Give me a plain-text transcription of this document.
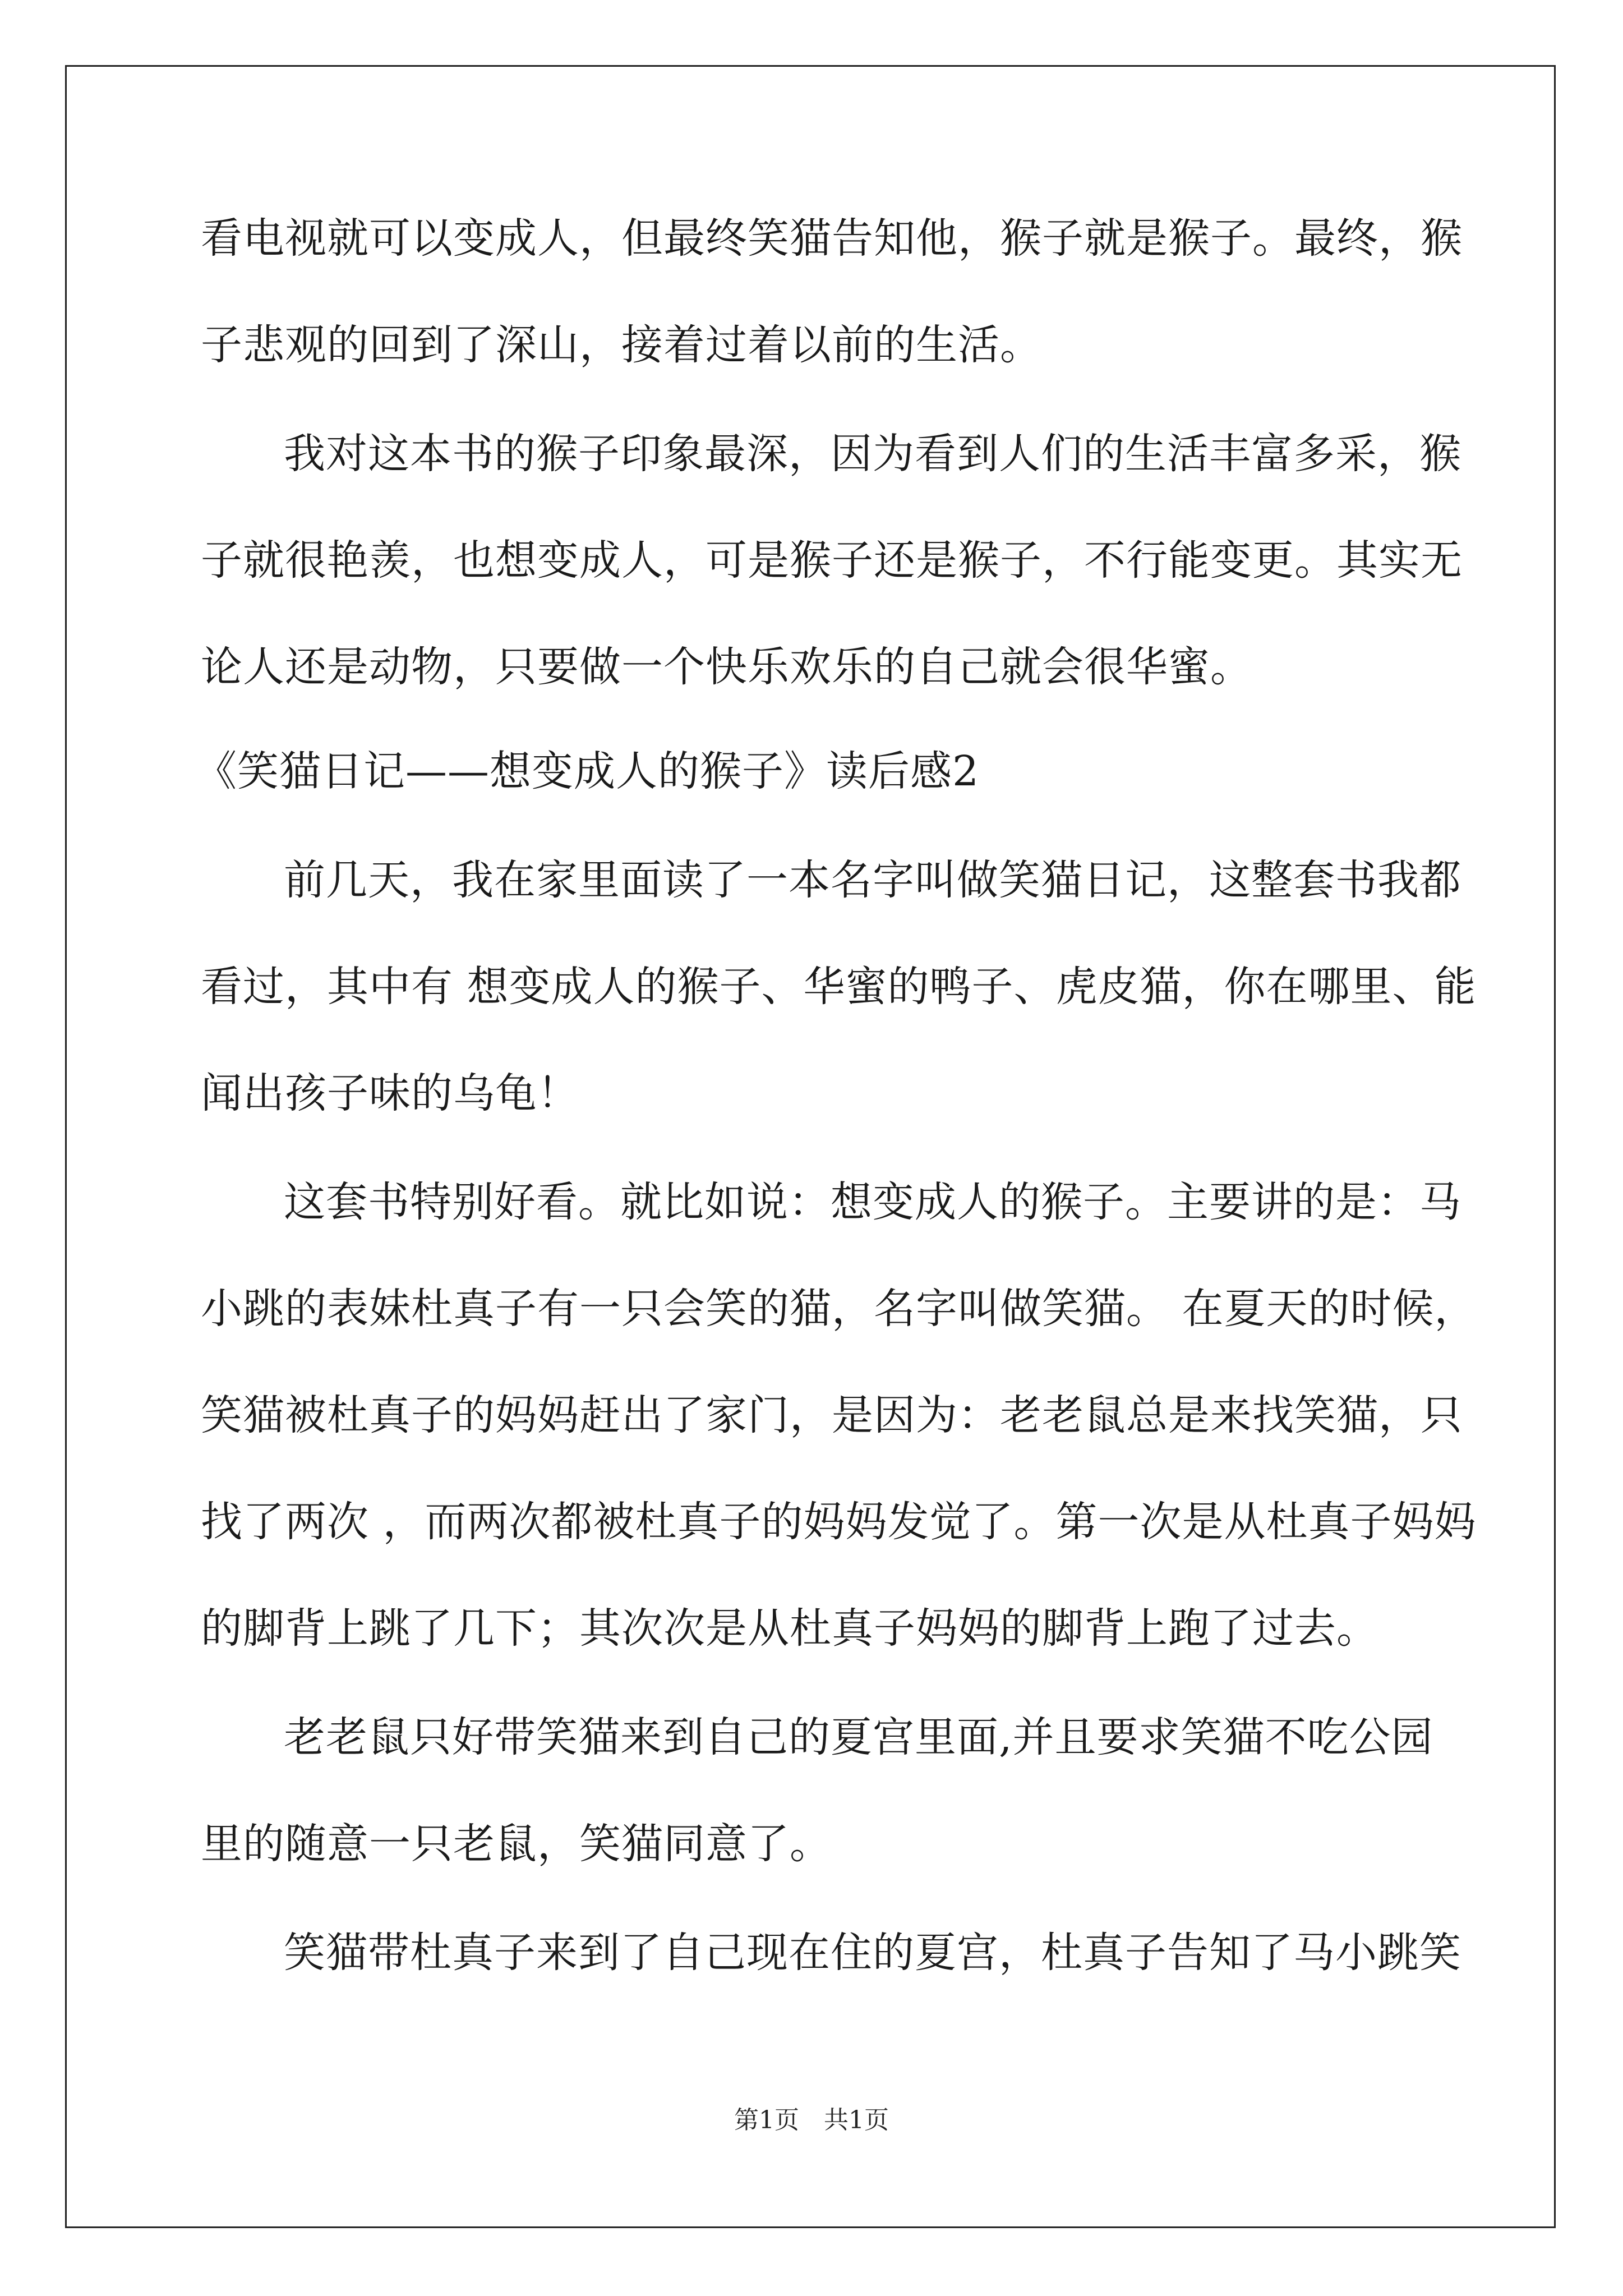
看电视就可以变成人，但最终笑猫告知他，猴子就是猴子。最终，猴
子悲观的回到了深山，接着过着以前的生活。
我对这本书的猴子印象最深，因为看到人们的生活丰富多采，猴
子就很艳羡，也想变成人，可是猴子还是猴子，不行能变更。其实无
论人还是动物，只要做一个快乐欢乐的自己就会很华蜜。
《笑猫日记——想变成人的猴子》读后感2
前几天，我在家里面读了一本名字叫做笑猫日记，这整套书我都
看过，其中有 想变成人的猴子、华蜜的鸭子、虎皮猫，你在哪里、能
闻出孩子味的乌龟！
这套书特别好看。就比如说：想变成人的猴子。主要讲的是：马
小跳的表妹杜真子有一只会笑的猫，名字叫做笑猫。 在夏天的时候，
笑猫被杜真子的妈妈赶出了家门，是因为：老老鼠总是来找笑猫，只
找了两次 ，而两次都被杜真子的妈妈发觉了。第一次是从杜真子妈妈
的脚背上跳了几下；其次次是从杜真子妈妈的脚背上跑了过去。
老老鼠只好带笑猫来到自己的夏宫里面,并且要求笑猫不吃公园
里的随意一只老鼠，笑猫同意了。
笑猫带杜真子来到了自己现在住的夏宫，杜真子告知了马小跳笑
第1页　共1页
